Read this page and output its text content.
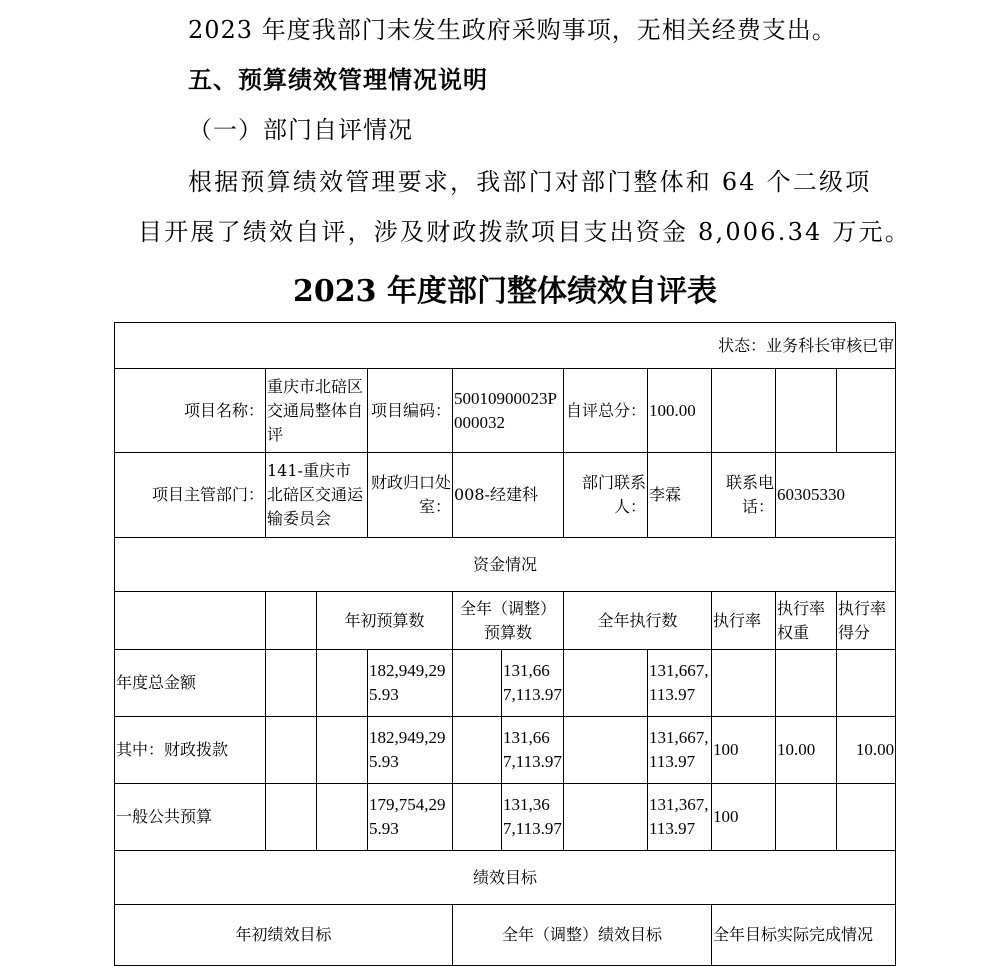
2023 年度我部门未发生政府采购事项，无相关经费支出。

五、预算绩效管理情况说明

（一）部门自评情况

根据预算绩效管理要求，我部门对部门整体和 64 个二级项

目开展了绩效自评，涉及财政拨款项目支出资金 8,006.34 万元。

2023 年度部门整体绩效自评表
状态：业务科长审核已审										
项目名称：	重庆市北碚区交通局整体自评		项目编码：	50010900023P000032		自评总分：	100.00			
项目主管部门：	141-重庆市北碚区交通运输委员会		财政归口处室：	008-经建科		部门联系人：	李霖	联系电话：	60305330	
资金情况										
		年初预算数		全年（调整）预算数		全年执行数		执行率	执行率权重	执行率得分
年度总金额			182,949,295.93		131,667,113.97		131,667,113.97			
其中：财政拨款			182,949,295.93		131,667,113.97		131,667,113.97	100	10.00	10.00
一般公共预算			179,754,295.93		131,367,113.97		131,367,113.97	100		
绩效目标										
年初绩效目标				全年（调整）绩效目标				全年目标实际完成情况		
